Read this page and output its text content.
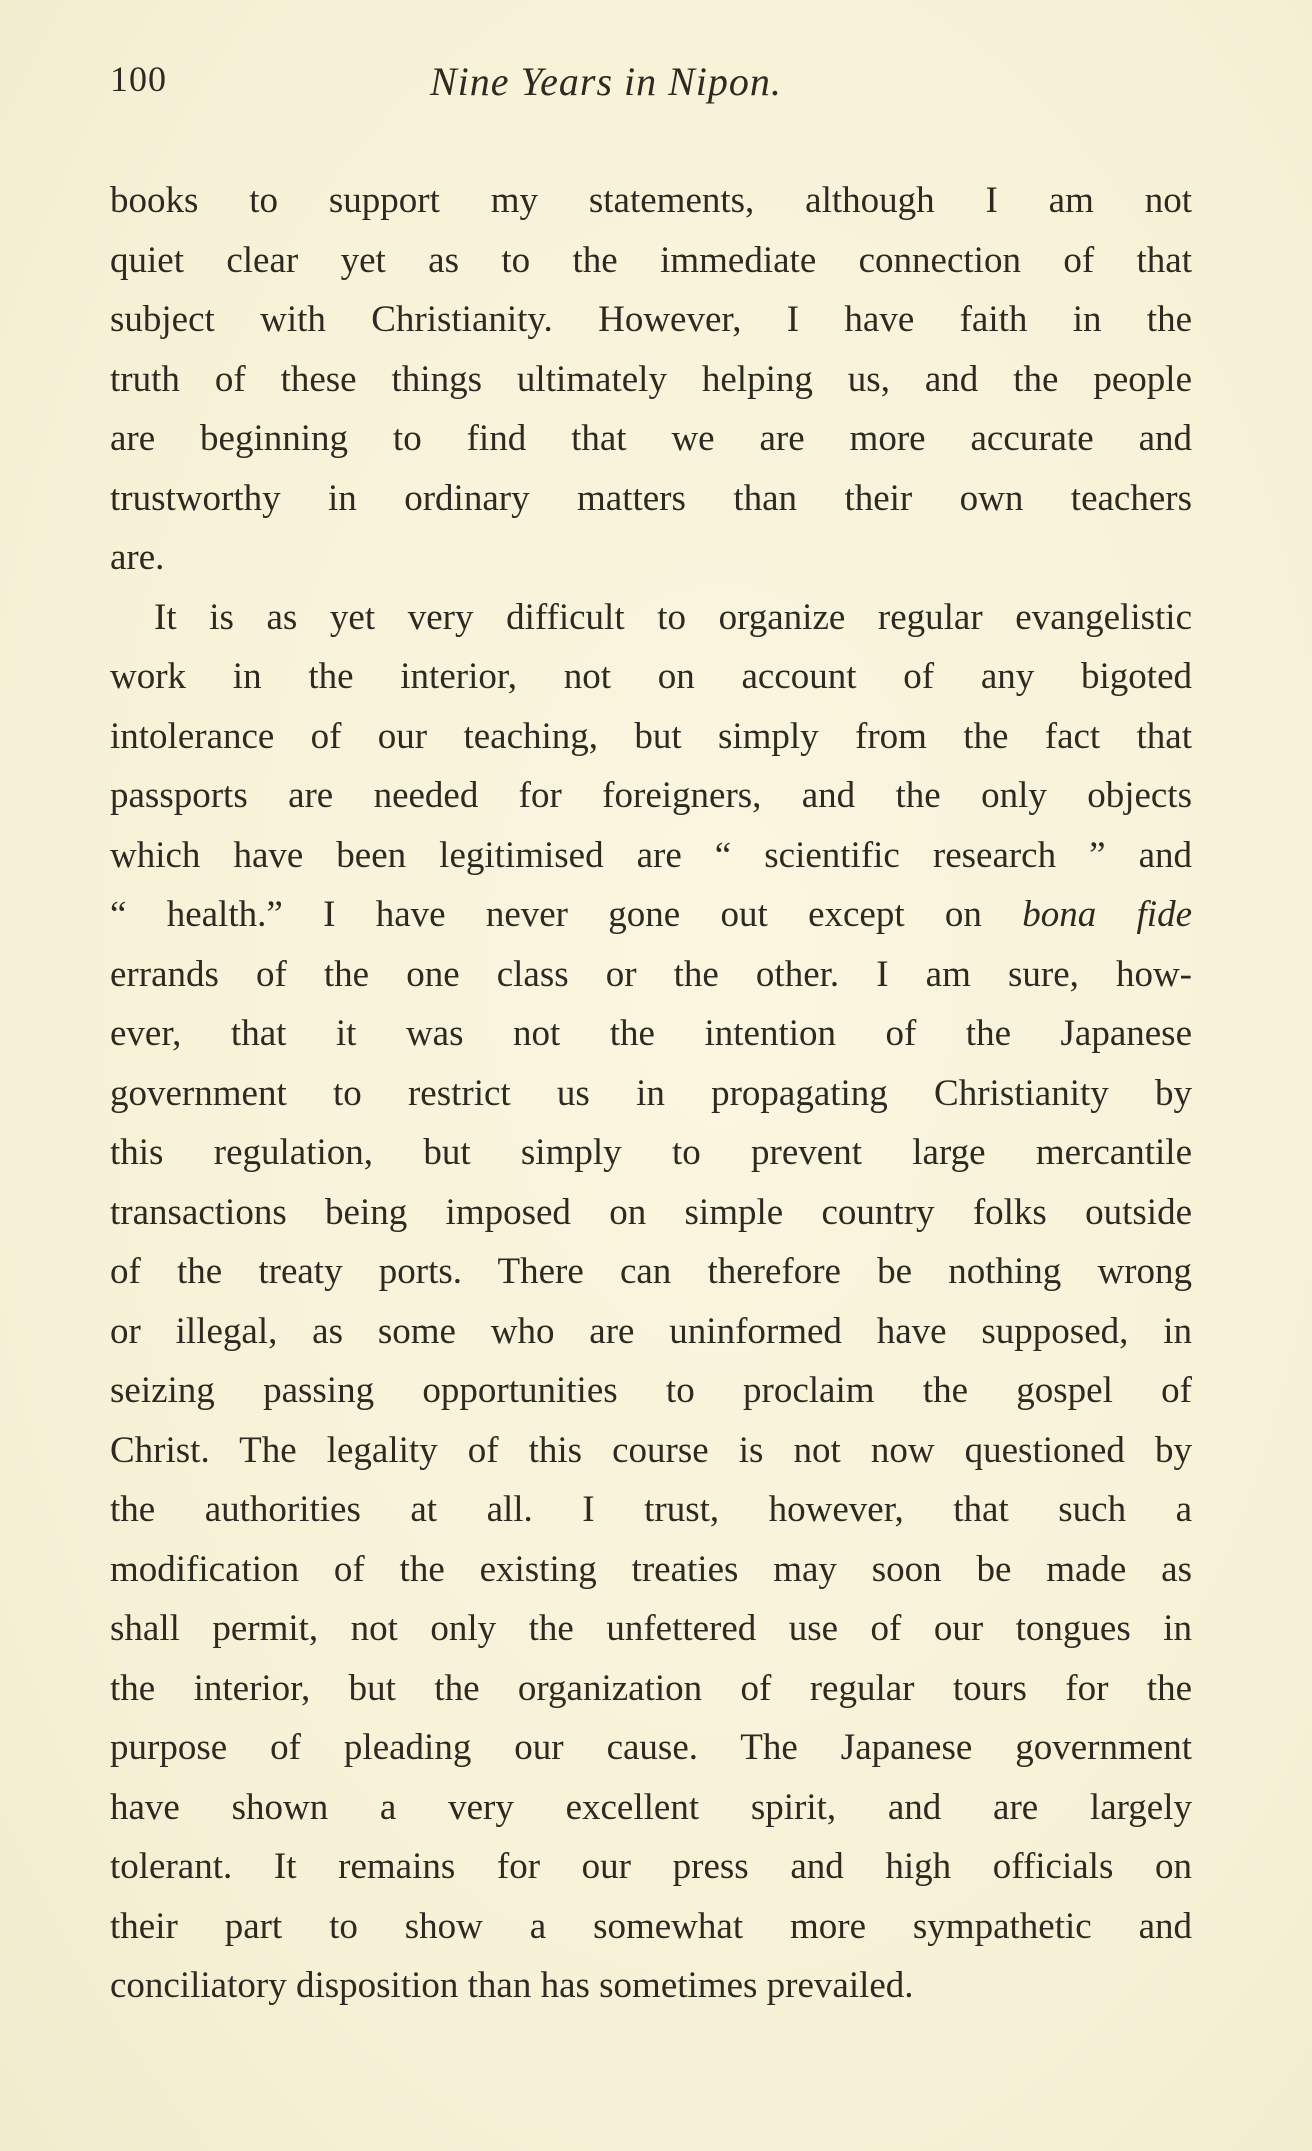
100	Nine Years in Nipon.
books to support my statements, although I am not
quiet clear yet as to the immediate connection of that
subject with Christianity. However, I have faith in the
truth of these things ultimately helping us, and the people
are beginning to find that we are more accurate and
trustworthy in ordinary matters than their own teachers
are.
It is as yet very difficult to organize regular evangelistic
work in the interior, not on account of any bigoted
intolerance of our teaching, but simply from the fact that
passports are needed for foreigners, and the only objects
which have been legitimised are “ scientific research ” and
“ health.” I have never gone out except on bona fide
errands of the one class or the other. I am sure, how-
ever, that it was not the intention of the Japanese
government to restrict us in propagating Christianity by
this regulation, but simply to prevent large mercantile
transactions being imposed on simple country folks outside
of the treaty ports. There can therefore be nothing wrong
or illegal, as some who are uninformed have supposed, in
seizing passing opportunities to proclaim the gospel of
Christ. The legality of this course is not now questioned by
the authorities at all. I trust, however, that such a
modification of the existing treaties may soon be made as
shall permit, not only the unfettered use of our tongues in
the interior, but the organization of regular tours for the
purpose of pleading our cause. The Japanese government
have shown a very excellent spirit, and are largely
tolerant. It remains for our press and high officials on
their part to show a somewhat more sympathetic and
conciliatory disposition than has sometimes prevailed.
